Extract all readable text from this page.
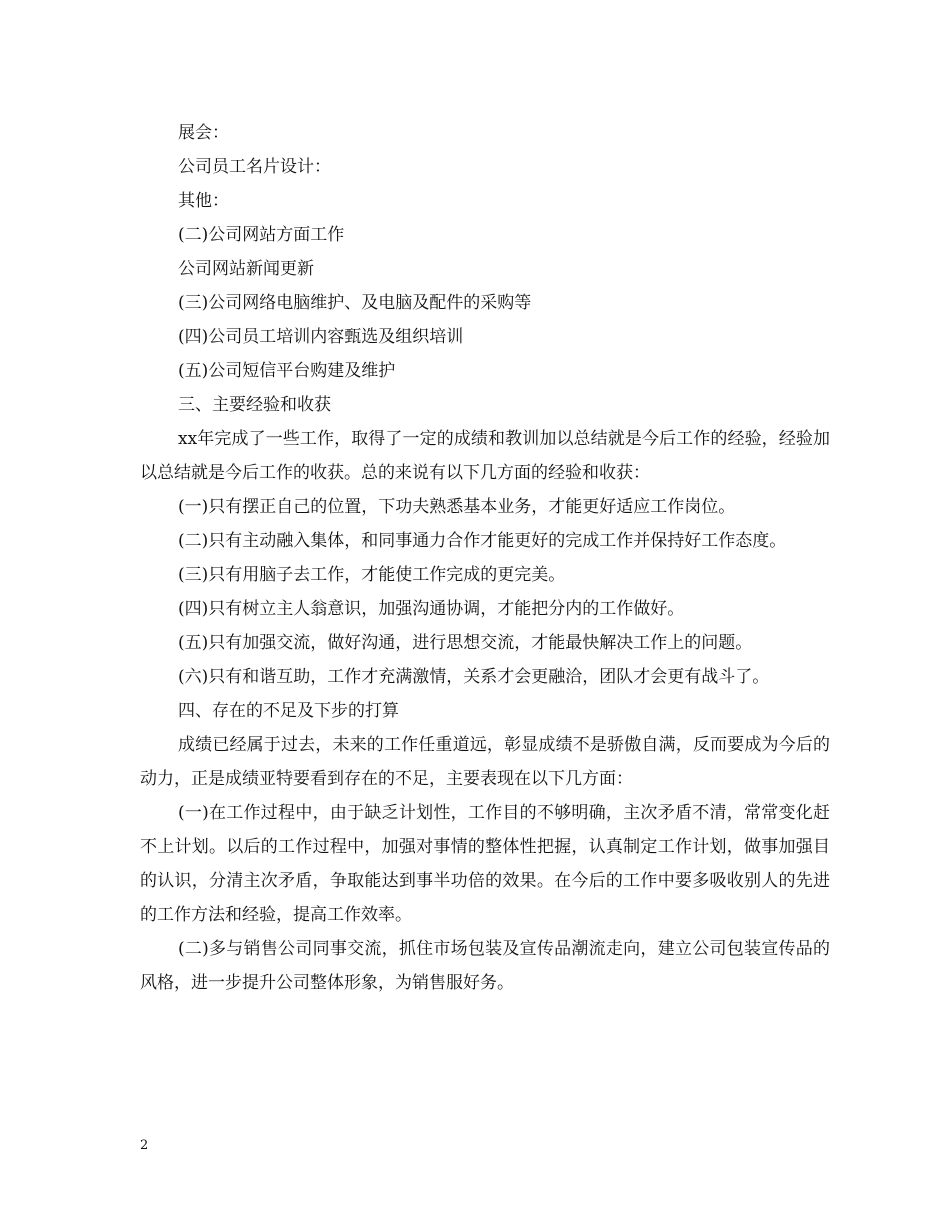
展会：

公司员工名片设计：

其他：

(二)公司网站方面工作

公司网站新闻更新

(三)公司网络电脑维护、及电脑及配件的采购等

(四)公司员工培训内容甄选及组织培训

(五)公司短信平台购建及维护

三、主要经验和收获

xx年完成了一些工作，取得了一定的成绩和教训加以总结就是今后工作的经验，经验加以总结就是今后工作的收获。总的来说有以下几方面的经验和收获：

(一)只有摆正自己的位置，下功夫熟悉基本业务，才能更好适应工作岗位。

(二)只有主动融入集体，和同事通力合作才能更好的完成工作并保持好工作态度。

(三)只有用脑子去工作，才能使工作完成的更完美。

(四)只有树立主人翁意识，加强沟通协调，才能把分内的工作做好。

(五)只有加强交流，做好沟通，进行思想交流，才能最快解决工作上的问题。

(六)只有和谐互助，工作才充满激情，关系才会更融洽，团队才会更有战斗了。

四、存在的不足及下步的打算

成绩已经属于过去，未来的工作任重道远，彰显成绩不是骄傲自满，反而要成为今后的动力，正是成绩亚特要看到存在的不足，主要表现在以下几方面：

(一)在工作过程中，由于缺乏计划性，工作目的不够明确，主次矛盾不清，常常变化赶不上计划。以后的工作过程中，加强对事情的整体性把握，认真制定工作计划，做事加强目的认识，分清主次矛盾，争取能达到事半功倍的效果。在今后的工作中要多吸收别人的先进的工作方法和经验，提高工作效率。

(二)多与销售公司同事交流，抓住市场包装及宣传品潮流走向，建立公司包装宣传品的风格，进一步提升公司整体形象，为销售服好务。

2
